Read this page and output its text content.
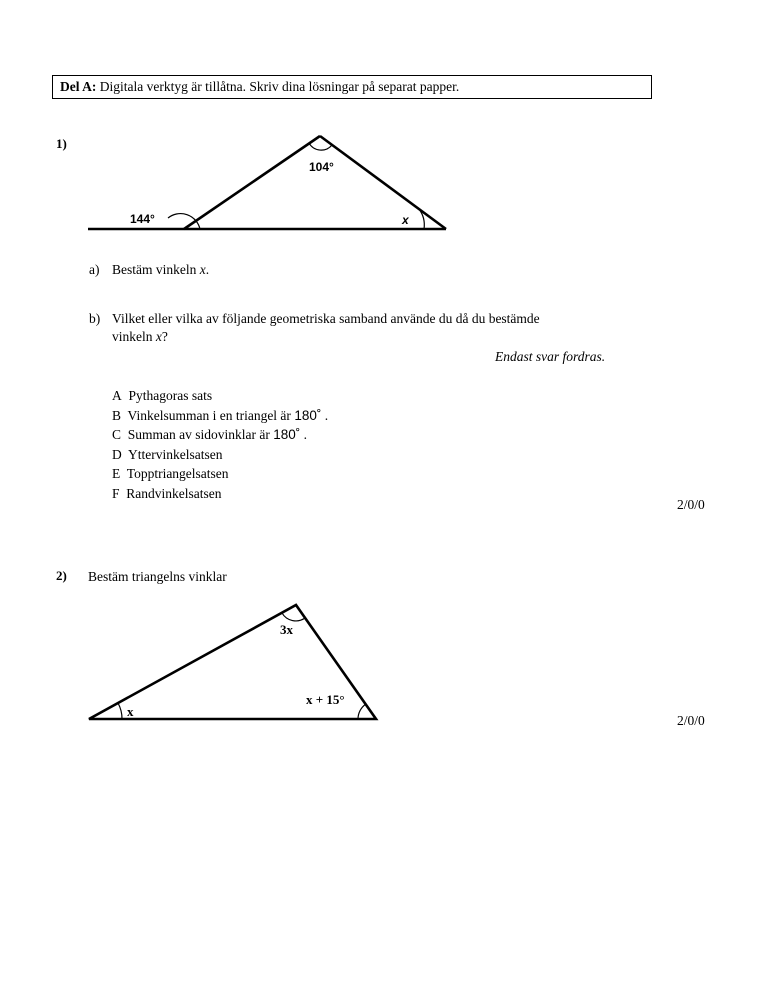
Del A: Digitala verktyg är tillåtna. Skriv dina lösningar på separat papper.
1)
104°
144°	x
a) Bestäm vinkeln x.
b) Vilket eller vilka av följande geometriska samband använde du då du bestämde
vinkeln x?
Endast svar fordras.
A Pythagoras sats
B Vinkelsumman i en triangel är 180˚ .
C Summan av sidovinklar är 180˚ .
D Yttervinkelsatsen
E Topptriangelsatsen
F Randvinkelsatsen
2/0/0
2) Bestäm triangelns vinklar
3x
x + 15°
x
2/0/0
